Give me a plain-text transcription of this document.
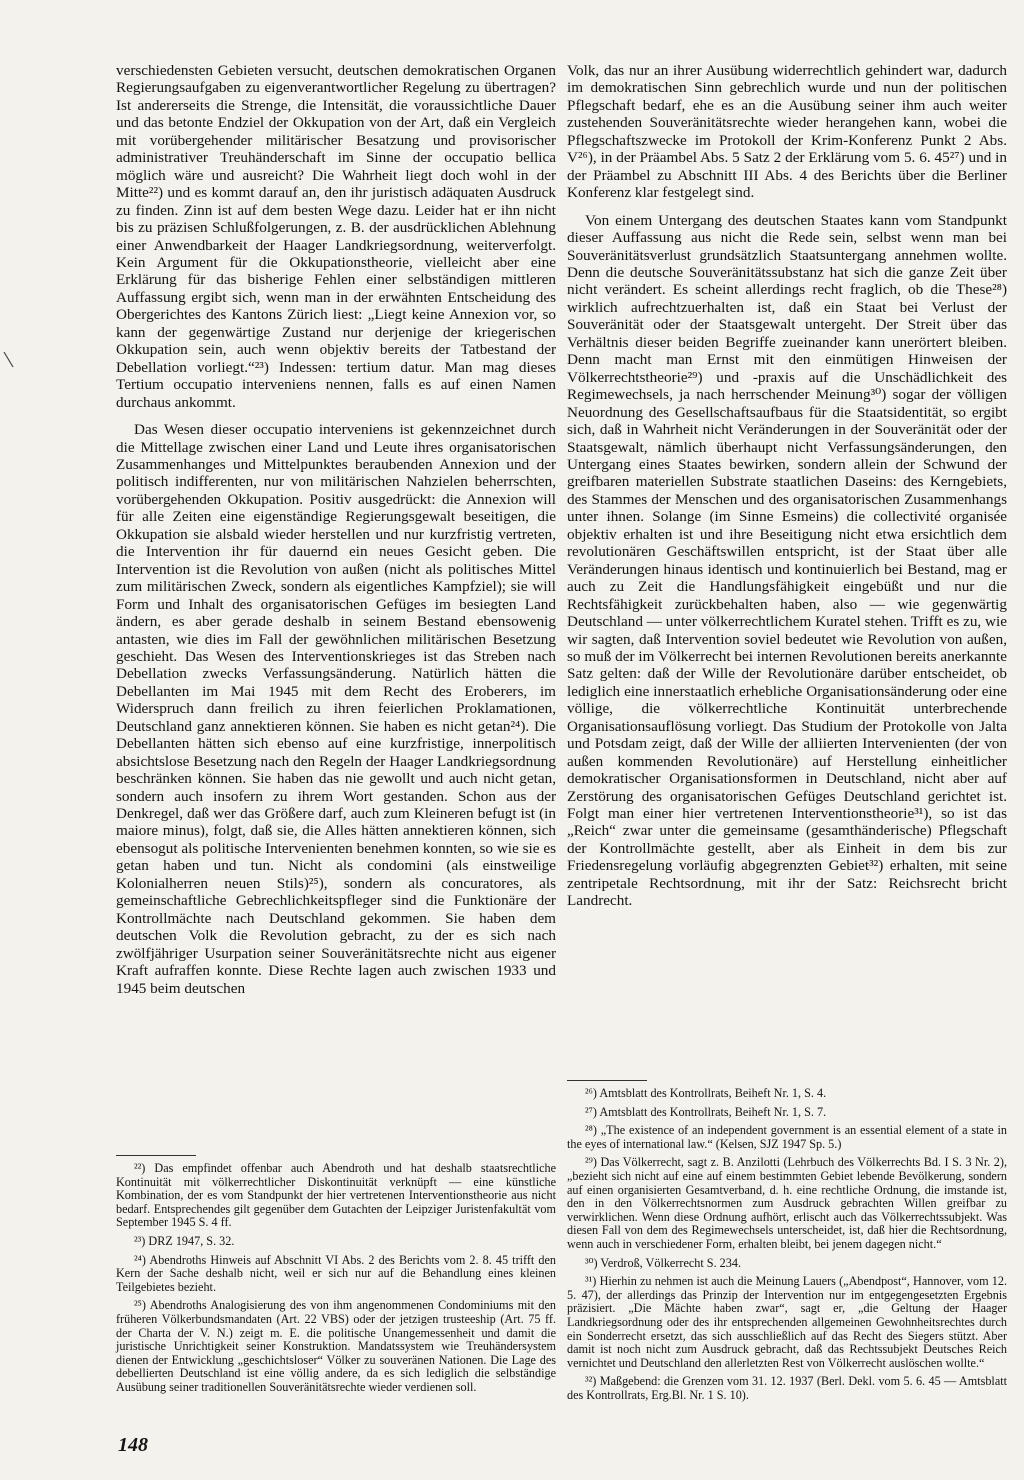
verschiedensten Gebieten versucht, deutschen demokratischen Organen Regierungsaufgaben zu eigenverantwortlicher Regelung zu übertragen? Ist andererseits die Strenge, die Intensität, die voraussichtliche Dauer und das betonte Endziel der Okkupation von der Art, daß ein Vergleich mit vorübergehender militärischer Besatzung und provisorischer administrativer Treuhänderschaft im Sinne der occupatio bellica möglich wäre und ausreicht? Die Wahrheit liegt doch wohl in der Mitte²²) und es kommt darauf an, den ihr juristisch adäquaten Ausdruck zu finden. Zinn ist auf dem besten Wege dazu. Leider hat er ihn nicht bis zu präzisen Schlußfolgerungen, z. B. der ausdrücklichen Ablehnung einer Anwendbarkeit der Haager Landkriegsordnung, weiterverfolgt. Kein Argument für die Okkupationstheorie, vielleicht aber eine Erklärung für das bisherige Fehlen einer selbständigen mittleren Auffassung ergibt sich, wenn man in der erwähnten Entscheidung des Obergerichtes des Kantons Zürich liest: „Liegt keine Annexion vor, so kann der gegenwärtige Zustand nur derjenige der kriegerischen Okkupation sein, auch wenn objektiv bereits der Tatbestand der Debellation vorliegt.“²³) Indessen: tertium datur. Man mag dieses Tertium occupatio interveniens nennen, falls es auf einen Namen durchaus ankommt.

Das Wesen dieser occupatio interveniens ist gekennzeichnet durch die Mittellage zwischen einer Land und Leute ihres organisatorischen Zusammenhanges und Mittelpunktes beraubenden Annexion und der politisch indifferenten, nur von militärischen Nahzielen beherrschten, vorübergehenden Okkupation. Positiv ausgedrückt: die Annexion will für alle Zeiten eine eigenständige Regierungsgewalt beseitigen, die Okkupation sie alsbald wieder herstellen und nur kurzfristig vertreten, die Intervention ihr für dauernd ein neues Gesicht geben. Die Intervention ist die Revolution von außen (nicht als politisches Mittel zum militärischen Zweck, sondern als eigentliches Kampfziel); sie will Form und Inhalt des organisatorischen Gefüges im besiegten Land ändern, es aber gerade deshalb in seinem Bestand ebensowenig antasten, wie dies im Fall der gewöhnlichen militärischen Besetzung geschieht. Das Wesen des Interventionskrieges ist das Streben nach Debellation zwecks Verfassungsänderung. Natürlich hätten die Debellanten im Mai 1945 mit dem Recht des Eroberers, im Widerspruch dann freilich zu ihren feierlichen Proklamationen, Deutschland ganz annektieren können. Sie haben es nicht getan²⁴). Die Debellanten hätten sich ebenso auf eine kurzfristige, innerpolitisch absichtslose Besetzung nach den Regeln der Haager Landkriegsordnung beschränken können. Sie haben das nie gewollt und auch nicht getan, sondern auch insofern zu ihrem Wort gestanden. Schon aus der Denkregel, daß wer das Größere darf, auch zum Kleineren befugt ist (in maiore minus), folgt, daß sie, die Alles hätten annektieren können, sich ebensogut als politische Intervenienten benehmen konnten, so wie sie es getan haben und tun. Nicht als condomini (als einstweilige Kolonialherren neuen Stils)²⁵), sondern als concuratores, als gemeinschaftliche Gebrechlichkeitspfleger sind die Funktionäre der Kontrollmächte nach Deutschland gekommen. Sie haben dem deutschen Volk die Revolution gebracht, zu der es sich nach zwölfjähriger Usurpation seiner Souveränitätsrechte nicht aus eigener Kraft aufraffen konnte. Diese Rechte lagen auch zwischen 1933 und 1945 beim deutschen

Volk, das nur an ihrer Ausübung widerrechtlich gehindert war, dadurch im demokratischen Sinn gebrechlich wurde und nun der politischen Pflegschaft bedarf, ehe es an die Ausübung seiner ihm auch weiter zustehenden Souveränitätsrechte wieder herangehen kann, wobei die Pflegschaftszwecke im Protokoll der Krim-Konferenz Punkt 2 Abs. V²⁶), in der Präambel Abs. 5 Satz 2 der Erklärung vom 5. 6. 45²⁷) und in der Präambel zu Abschnitt III Abs. 4 des Berichts über die Berliner Konferenz klar festgelegt sind.

Von einem Untergang des deutschen Staates kann vom Standpunkt dieser Auffassung aus nicht die Rede sein, selbst wenn man bei Souveränitätsverlust grundsätzlich Staatsuntergang annehmen wollte. Denn die deutsche Souveränitätssubstanz hat sich die ganze Zeit über nicht verändert. Es scheint allerdings recht fraglich, ob die These²⁸) wirklich aufrechtzuerhalten ist, daß ein Staat bei Verlust der Souveränität oder der Staatsgewalt untergeht. Der Streit über das Verhältnis dieser beiden Begriffe zueinander kann unerörtert bleiben. Denn macht man Ernst mit den einmütigen Hinweisen der Völkerrechtstheorie²⁹) und -praxis auf die Unschädlichkeit des Regimewechsels, ja nach herrschender Meinung³⁰) sogar der völligen Neuordnung des Gesellschaftsaufbaus für die Staatsidentität, so ergibt sich, daß in Wahrheit nicht Veränderungen in der Souveränität oder der Staatsgewalt, nämlich überhaupt nicht Verfassungsänderungen, den Untergang eines Staates bewirken, sondern allein der Schwund der greifbaren materiellen Substrate staatlichen Daseins: des Kerngebiets, des Stammes der Menschen und des organisatorischen Zusammenhangs unter ihnen. Solange (im Sinne Esmeins) die collectivité organisée objektiv erhalten ist und ihre Beseitigung nicht etwa ersichtlich dem revolutionären Geschäftswillen entspricht, ist der Staat über alle Veränderungen hinaus identisch und kontinuierlich bei Bestand, mag er auch zu Zeit die Handlungsfähigkeit eingebüßt und nur die Rechtsfähigkeit zurückbehalten haben, also — wie gegenwärtig Deutschland — unter völkerrechtlichem Kuratel stehen. Trifft es zu, wie wir sagten, daß Intervention soviel bedeutet wie Revolution von außen, so muß der im Völkerrecht bei internen Revolutionen bereits anerkannte Satz gelten: daß der Wille der Revolutionäre darüber entscheidet, ob lediglich eine innerstaatlich erhebliche Organisationsänderung oder eine völlige, die völkerrechtliche Kontinuität unterbrechende Organisationsauflösung vorliegt. Das Studium der Protokolle von Jalta und Potsdam zeigt, daß der Wille der alliierten Intervenienten (der von außen kommenden Revolutionäre) auf Herstellung einheitlicher demokratischer Organisationsformen in Deutschland, nicht aber auf Zerstörung des organisatorischen Gefüges Deutschland gerichtet ist. Folgt man einer hier vertretenen Interventionstheorie³¹), so ist das „Reich“ zwar unter die gemeinsame (gesamthänderische) Pflegschaft der Kontrollmächte gestellt, aber als Einheit in dem bis zur Friedensregelung vorläufig abgegrenzten Gebiet³²) erhalten, mit seine zentripetale Rechtsordnung, mit ihr der Satz: Reichsrecht bricht Landrecht.

²²) Das empfindet offenbar auch Abendroth und hat deshalb staatsrechtliche Kontinuität mit völkerrechtlicher Diskontinuität verknüpft — eine künstliche Kombination, der es vom Standpunkt der hier vertretenen Interventionstheorie aus nicht bedarf. Entsprechendes gilt gegenüber dem Gutachten der Leipziger Juristenfakultät vom September 1945 S. 4 ff.

²³) DRZ 1947, S. 32.

²⁴) Abendroths Hinweis auf Abschnitt VI Abs. 2 des Berichts vom 2. 8. 45 trifft den Kern der Sache deshalb nicht, weil er sich nur auf die Behandlung eines kleinen Teilgebietes bezieht.

²⁵) Abendroths Analogisierung des von ihm angenommenen Condominiums mit den früheren Völkerbundsmandaten (Art. 22 VBS) oder der jetzigen trusteeship (Art. 75 ff. der Charta der V. N.) zeigt m. E. die politische Unangemessenheit und damit die juristische Unrichtigkeit seiner Konstruktion. Mandatssystem wie Treuhändersystem dienen der Entwicklung „geschichtsloser“ Völker zu souveränen Nationen. Die Lage des debellierten Deutschland ist eine völlig andere, da es sich lediglich die selbständige Ausübung seiner traditionellen Souveränitätsrechte wieder verdienen soll.

²⁶) Amtsblatt des Kontrollrats, Beiheft Nr. 1, S. 4.

²⁷) Amtsblatt des Kontrollrats, Beiheft Nr. 1, S. 7.

²⁸) „The existence of an independent government is an essential element of a state in the eyes of international law.“ (Kelsen, SJZ 1947 Sp. 5.)

²⁹) Das Völkerrecht, sagt z. B. Anzilotti (Lehrbuch des Völkerrechts Bd. I S. 3 Nr. 2), „bezieht sich nicht auf eine auf einem bestimmten Gebiet lebende Bevölkerung, sondern auf einen organisierten Gesamtverband, d. h. eine rechtliche Ordnung, die imstande ist, den in den Völkerrechtsnormen zum Ausdruck gebrachten Willen greifbar zu verwirklichen. Wenn diese Ordnung aufhört, erlischt auch das Völkerrechtssubjekt. Was diesen Fall von dem des Regimewechsels unterscheidet, ist, daß hier die Rechtsordnung, wenn auch in verschiedener Form, erhalten bleibt, bei jenem dagegen nicht.“

³⁰) Verdroß, Völkerrecht S. 234.

³¹) Hierhin zu nehmen ist auch die Meinung Lauers („Abendpost“, Hannover, vom 12. 5. 47), der allerdings das Prinzip der Intervention nur im entgegengesetzten Ergebnis präzisiert. „Die Mächte haben zwar“, sagt er, „die Geltung der Haager Landkriegsordnung oder des ihr entsprechenden allgemeinen Gewohnheitsrechtes durch ein Sonderrecht ersetzt, das sich ausschließlich auf das Recht des Siegers stützt. Aber damit ist noch nicht zum Ausdruck gebracht, daß das Rechtssubjekt Deutsches Reich vernichtet und Deutschland den allerletzten Rest von Völkerrecht auslöschen wollte.“

³²) Maßgebend: die Grenzen vom 31. 12. 1937 (Berl. Dekl. vom 5. 6. 45 — Amtsblatt des Kontrollrats, Erg.Bl. Nr. 1 S. 10).

148
